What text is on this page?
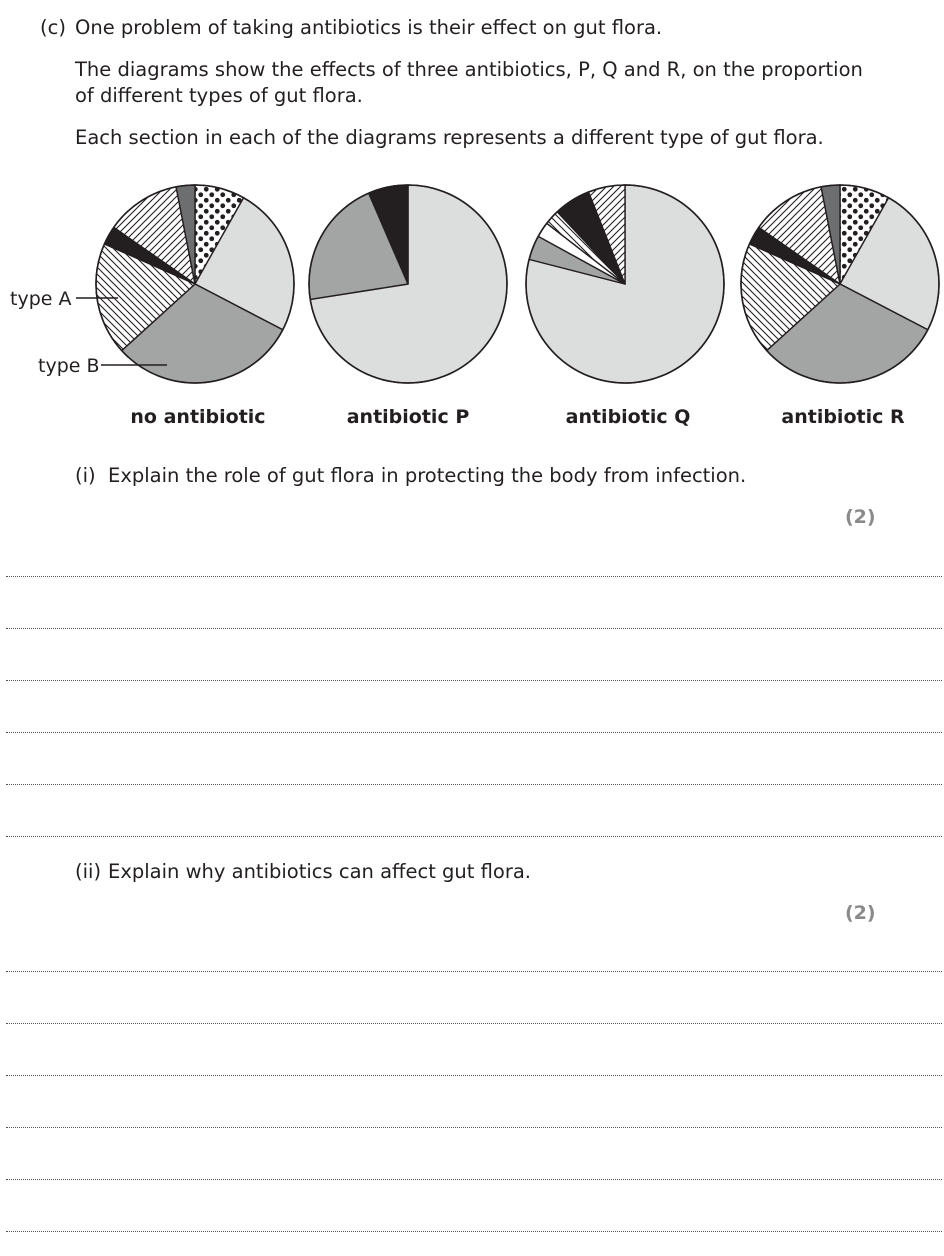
(c) One problem of taking antibiotics is their effect on gut flora.

The diagrams show the effects of three antibiotics, P, Q and R, on the proportion

of different types of gut flora.

Each section in each of the diagrams represents a different type of gut flora.

type A
type B
no antibiotic	antibiotic P	antibiotic Q	antibiotic R
(i) Explain the role of gut flora in protecting the body from infection.
(2)
(ii) Explain why antibiotics can affect gut flora.
(2)
